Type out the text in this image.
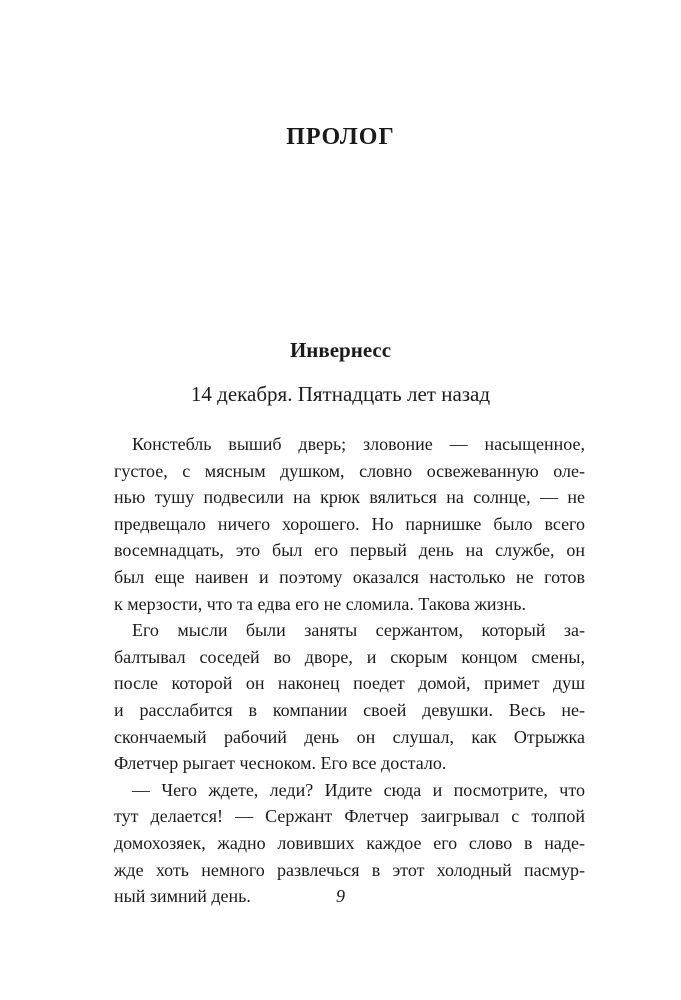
ПРОЛОГ
Инвернесс
14 декабря. Пятнадцать лет назад
Констебль вышиб дверь; зловоние — насыщенное,
густое, с мясным душком, словно освежеванную оле-
нью тушу подвесили на крюк вялиться на солнце, — не
предвещало ничего хорошего. Но парнишке было всего
восемнадцать, это был его первый день на службе, он
был еще наивен и поэтому оказался настолько не готов
к мерзости, что та едва его не сломила. Такова жизнь.
Его мысли были заняты сержантом, который за-
балтывал соседей во дворе, и скорым концом смены,
после которой он наконец поедет домой, примет душ
и расслабится в компании своей девушки. Весь не-
скончаемый рабочий день он слушал, как Отрыжка
Флетчер рыгает чесноком. Его все достало.
— Чего ждете, леди? Идите сюда и посмотрите, что
тут делается! — Сержант Флетчер заигрывал с толпой
домохозяек, жадно ловивших каждое его слово в наде-
жде хоть немного развлечься в этот холодный пасмур-
ный зимний день.	9
